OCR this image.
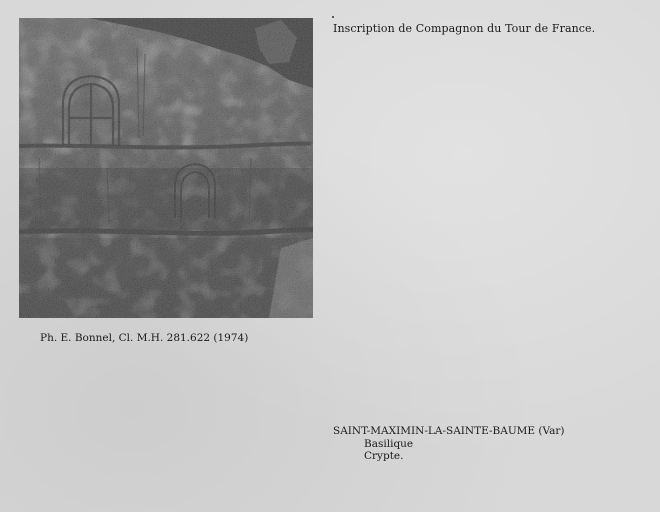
Inscription de Compagnon du Tour de France.
Ph. E. Bonnel, Cl. M.H. 281.622 (1974)
SAINT-MAXIMIN-LA-SAINTE-BAUME (Var)
Basilique
Crypte.
